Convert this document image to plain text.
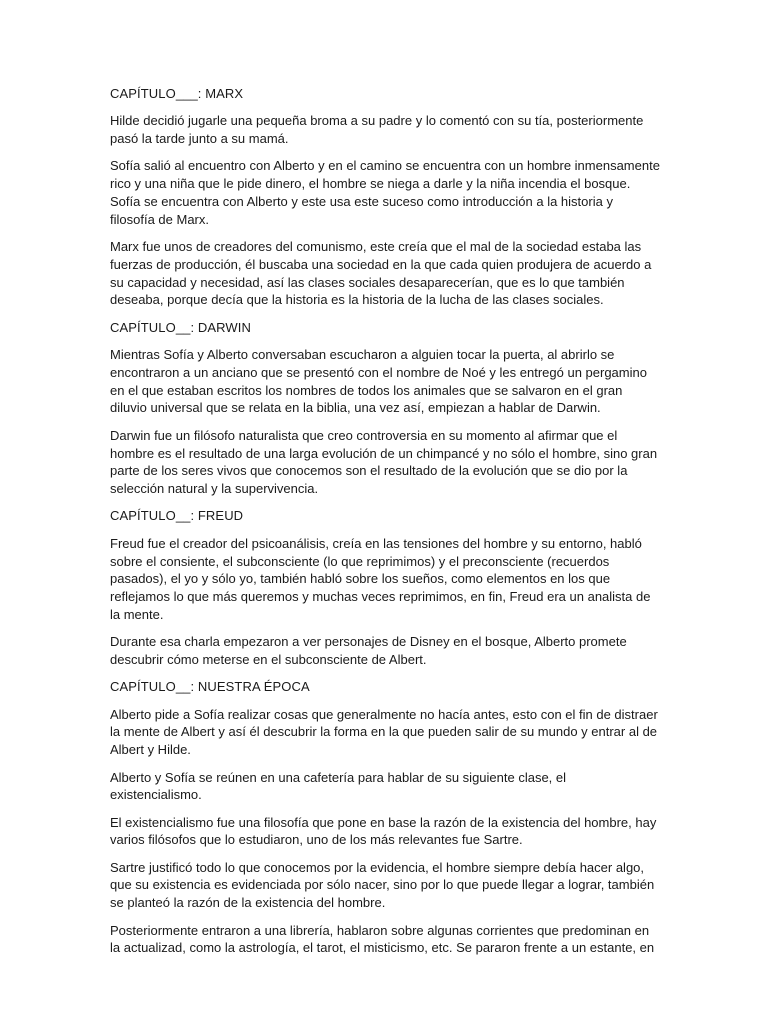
CAPÍTULO___: MARX

Hilde decidió jugarle una pequeña broma a su padre y lo comentó con su tía, posteriormente pasó la tarde junto a su mamá.

Sofía salió al encuentro con Alberto y en el camino se encuentra con un hombre inmensamente rico y una niña que le pide dinero, el hombre se niega a darle y la niña incendia el bosque. Sofía se encuentra con Alberto y este usa este suceso como introducción a la historia y filosofía de Marx.

Marx fue unos de creadores del comunismo, este creía que el mal de la sociedad estaba las fuerzas de producción, él buscaba una sociedad en la que cada quien produjera de acuerdo a su capacidad y necesidad, así las clases sociales desaparecerían, que es lo que también deseaba, porque decía que la historia es la historia de la lucha de las clases sociales.

CAPÍTULO__: DARWIN

Mientras Sofía y Alberto conversaban escucharon a alguien tocar la puerta, al abrirlo se encontraron a un anciano que se presentó con el nombre de Noé y les entregó un pergamino en el que estaban escritos los nombres de todos los animales que se salvaron en el gran diluvio universal que se relata en la biblia, una vez así, empiezan a hablar de Darwin.

Darwin fue un filósofo naturalista que creo controversia en su momento al afirmar que el hombre es el resultado de una larga evolución de un chimpancé y no sólo el hombre, sino gran parte de los seres vivos que conocemos son el resultado de la evolución que se dio por la selección natural y la supervivencia.

CAPÍTULO__: FREUD

Freud fue el creador del psicoanálisis, creía en las tensiones del hombre y su entorno, habló sobre el consiente, el subconsciente (lo que reprimimos) y el preconsciente (recuerdos pasados), el yo y sólo yo, también habló sobre los sueños, como elementos en los que reflejamos lo que más queremos y muchas veces reprimimos, en fin, Freud era un analista de la mente.

Durante esa charla empezaron a ver personajes de Disney en el bosque, Alberto promete descubrir cómo meterse en el subconsciente de Albert.

CAPÍTULO__: NUESTRA ÉPOCA

Alberto pide a Sofía realizar cosas que generalmente no hacía antes, esto con el fin de distraer la mente de Albert y así él descubrir la forma en la que pueden salir de su mundo y entrar al de Albert y Hilde.

Alberto y Sofía se reúnen en una cafetería para hablar de su siguiente clase, el existencialismo.

El existencialismo fue una filosofía que pone en base la razón de la existencia del hombre, hay varios filósofos que lo estudiaron, uno de los más relevantes fue Sartre.

Sartre justificó todo lo que conocemos por la evidencia, el hombre siempre debía hacer algo, que su existencia es evidenciada por sólo nacer, sino por lo que puede llegar a lograr, también se planteó la razón de la existencia del hombre.

Posteriormente entraron a una librería, hablaron sobre algunas corrientes que predominan en la actualizad, como la astrología, el tarot, el misticismo, etc. Se pararon frente a un estante, en
